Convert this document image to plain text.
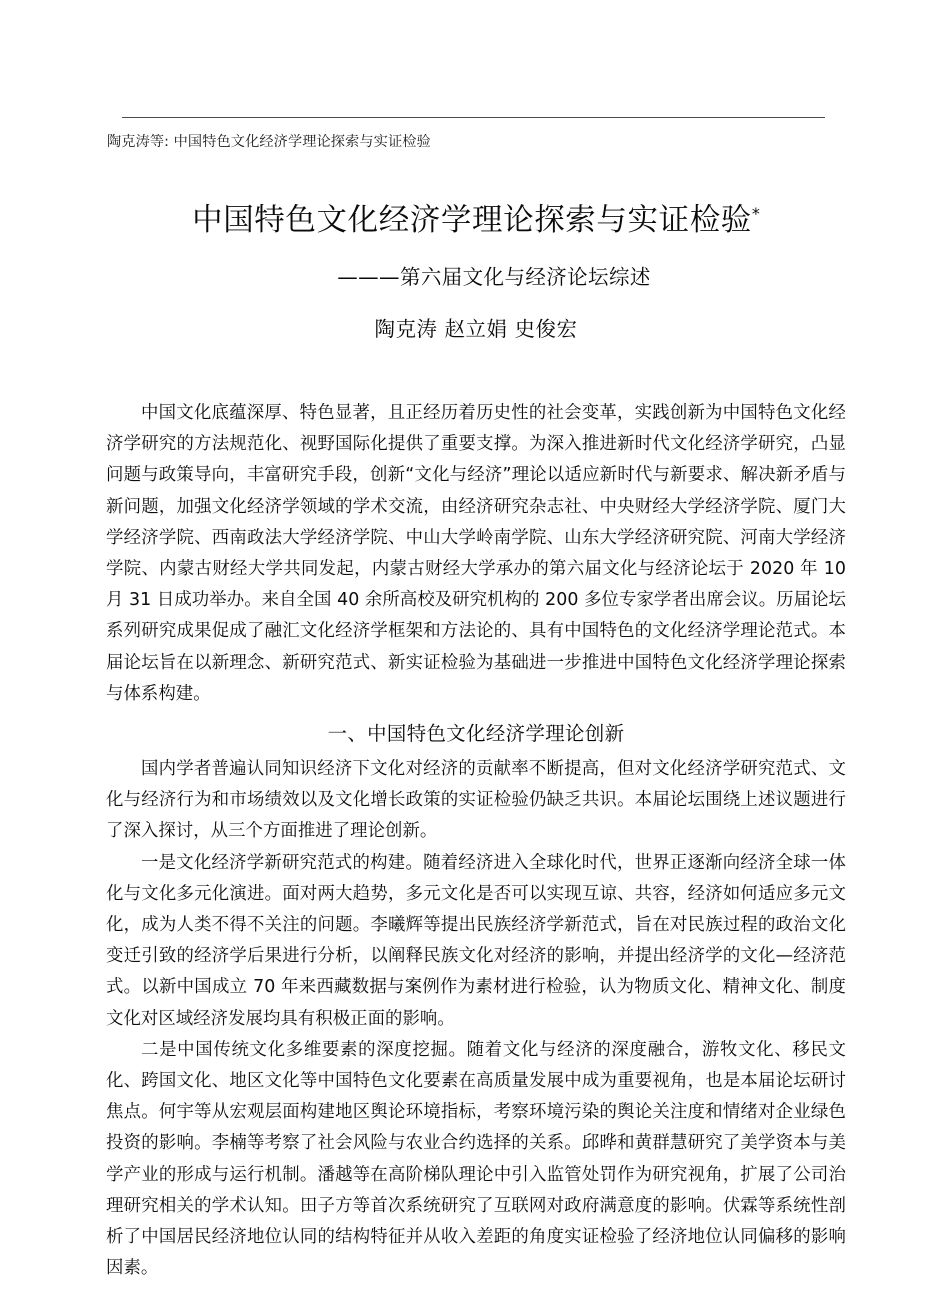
陶克涛等: 中国特色文化经济学理论探索与实证检验
中国特色文化经济学理论探索与实证检验*
———第六届文化与经济论坛综述
陶克涛 赵立娟 史俊宏

中国文化底蕴深厚、特色显著，且正经历着历史性的社会变革，实践创新为中国特色文化经济学研究的方法规范化、视野国际化提供了重要支撑。为深入推进新时代文化经济学研究，凸显问题与政策导向，丰富研究手段，创新“文化与经济”理论以适应新时代与新要求、解决新矛盾与新问题，加强文化经济学领域的学术交流，由经济研究杂志社、中央财经大学经济学院、厦门大学经济学院、西南政法大学经济学院、中山大学岭南学院、山东大学经济研究院、河南大学经济学院、内蒙古财经大学共同发起，内蒙古财经大学承办的第六届文化与经济论坛于 2020 年 10 月 31 日成功举办。来自全国 40 余所高校及研究机构的 200 多位专家学者出席会议。历届论坛系列研究成果促成了融汇文化经济学框架和方法论的、具有中国特色的文化经济学理论范式。本届论坛旨在以新理念、新研究范式、新实证检验为基础进一步推进中国特色文化经济学理论探索与体系构建。

一、中国特色文化经济学理论创新

国内学者普遍认同知识经济下文化对经济的贡献率不断提高，但对文化经济学研究范式、文化与经济行为和市场绩效以及文化增长政策的实证检验仍缺乏共识。本届论坛围绕上述议题进行了深入探讨，从三个方面推进了理论创新。

一是文化经济学新研究范式的构建。随着经济进入全球化时代，世界正逐渐向经济全球一体化与文化多元化演进。面对两大趋势，多元文化是否可以实现互谅、共容，经济如何适应多元文化，成为人类不得不关注的问题。李曦辉等提出民族经济学新范式，旨在对民族过程的政治文化变迁引致的经济学后果进行分析，以阐释民族文化对经济的影响，并提出经济学的文化—经济范式。以新中国成立 70 年来西藏数据与案例作为素材进行检验，认为物质文化、精神文化、制度文化对区域经济发展均具有积极正面的影响。

二是中国传统文化多维要素的深度挖掘。随着文化与经济的深度融合，游牧文化、移民文化、跨国文化、地区文化等中国特色文化要素在高质量发展中成为重要视角，也是本届论坛研讨焦点。何宇等从宏观层面构建地区舆论环境指标，考察环境污染的舆论关注度和情绪对企业绿色投资的影响。李楠等考察了社会风险与农业合约选择的关系。邱晔和黄群慧研究了美学资本与美学产业的形成与运行机制。潘越等在高阶梯队理论中引入监管处罚作为研究视角，扩展了公司治理研究相关的学术认知。田子方等首次系统研究了互联网对政府满意度的影响。伏霖等系统性剖析了中国居民经济地位认同的结构特征并从收入差距的角度实证检验了经济地位认同偏移的影响因素。
